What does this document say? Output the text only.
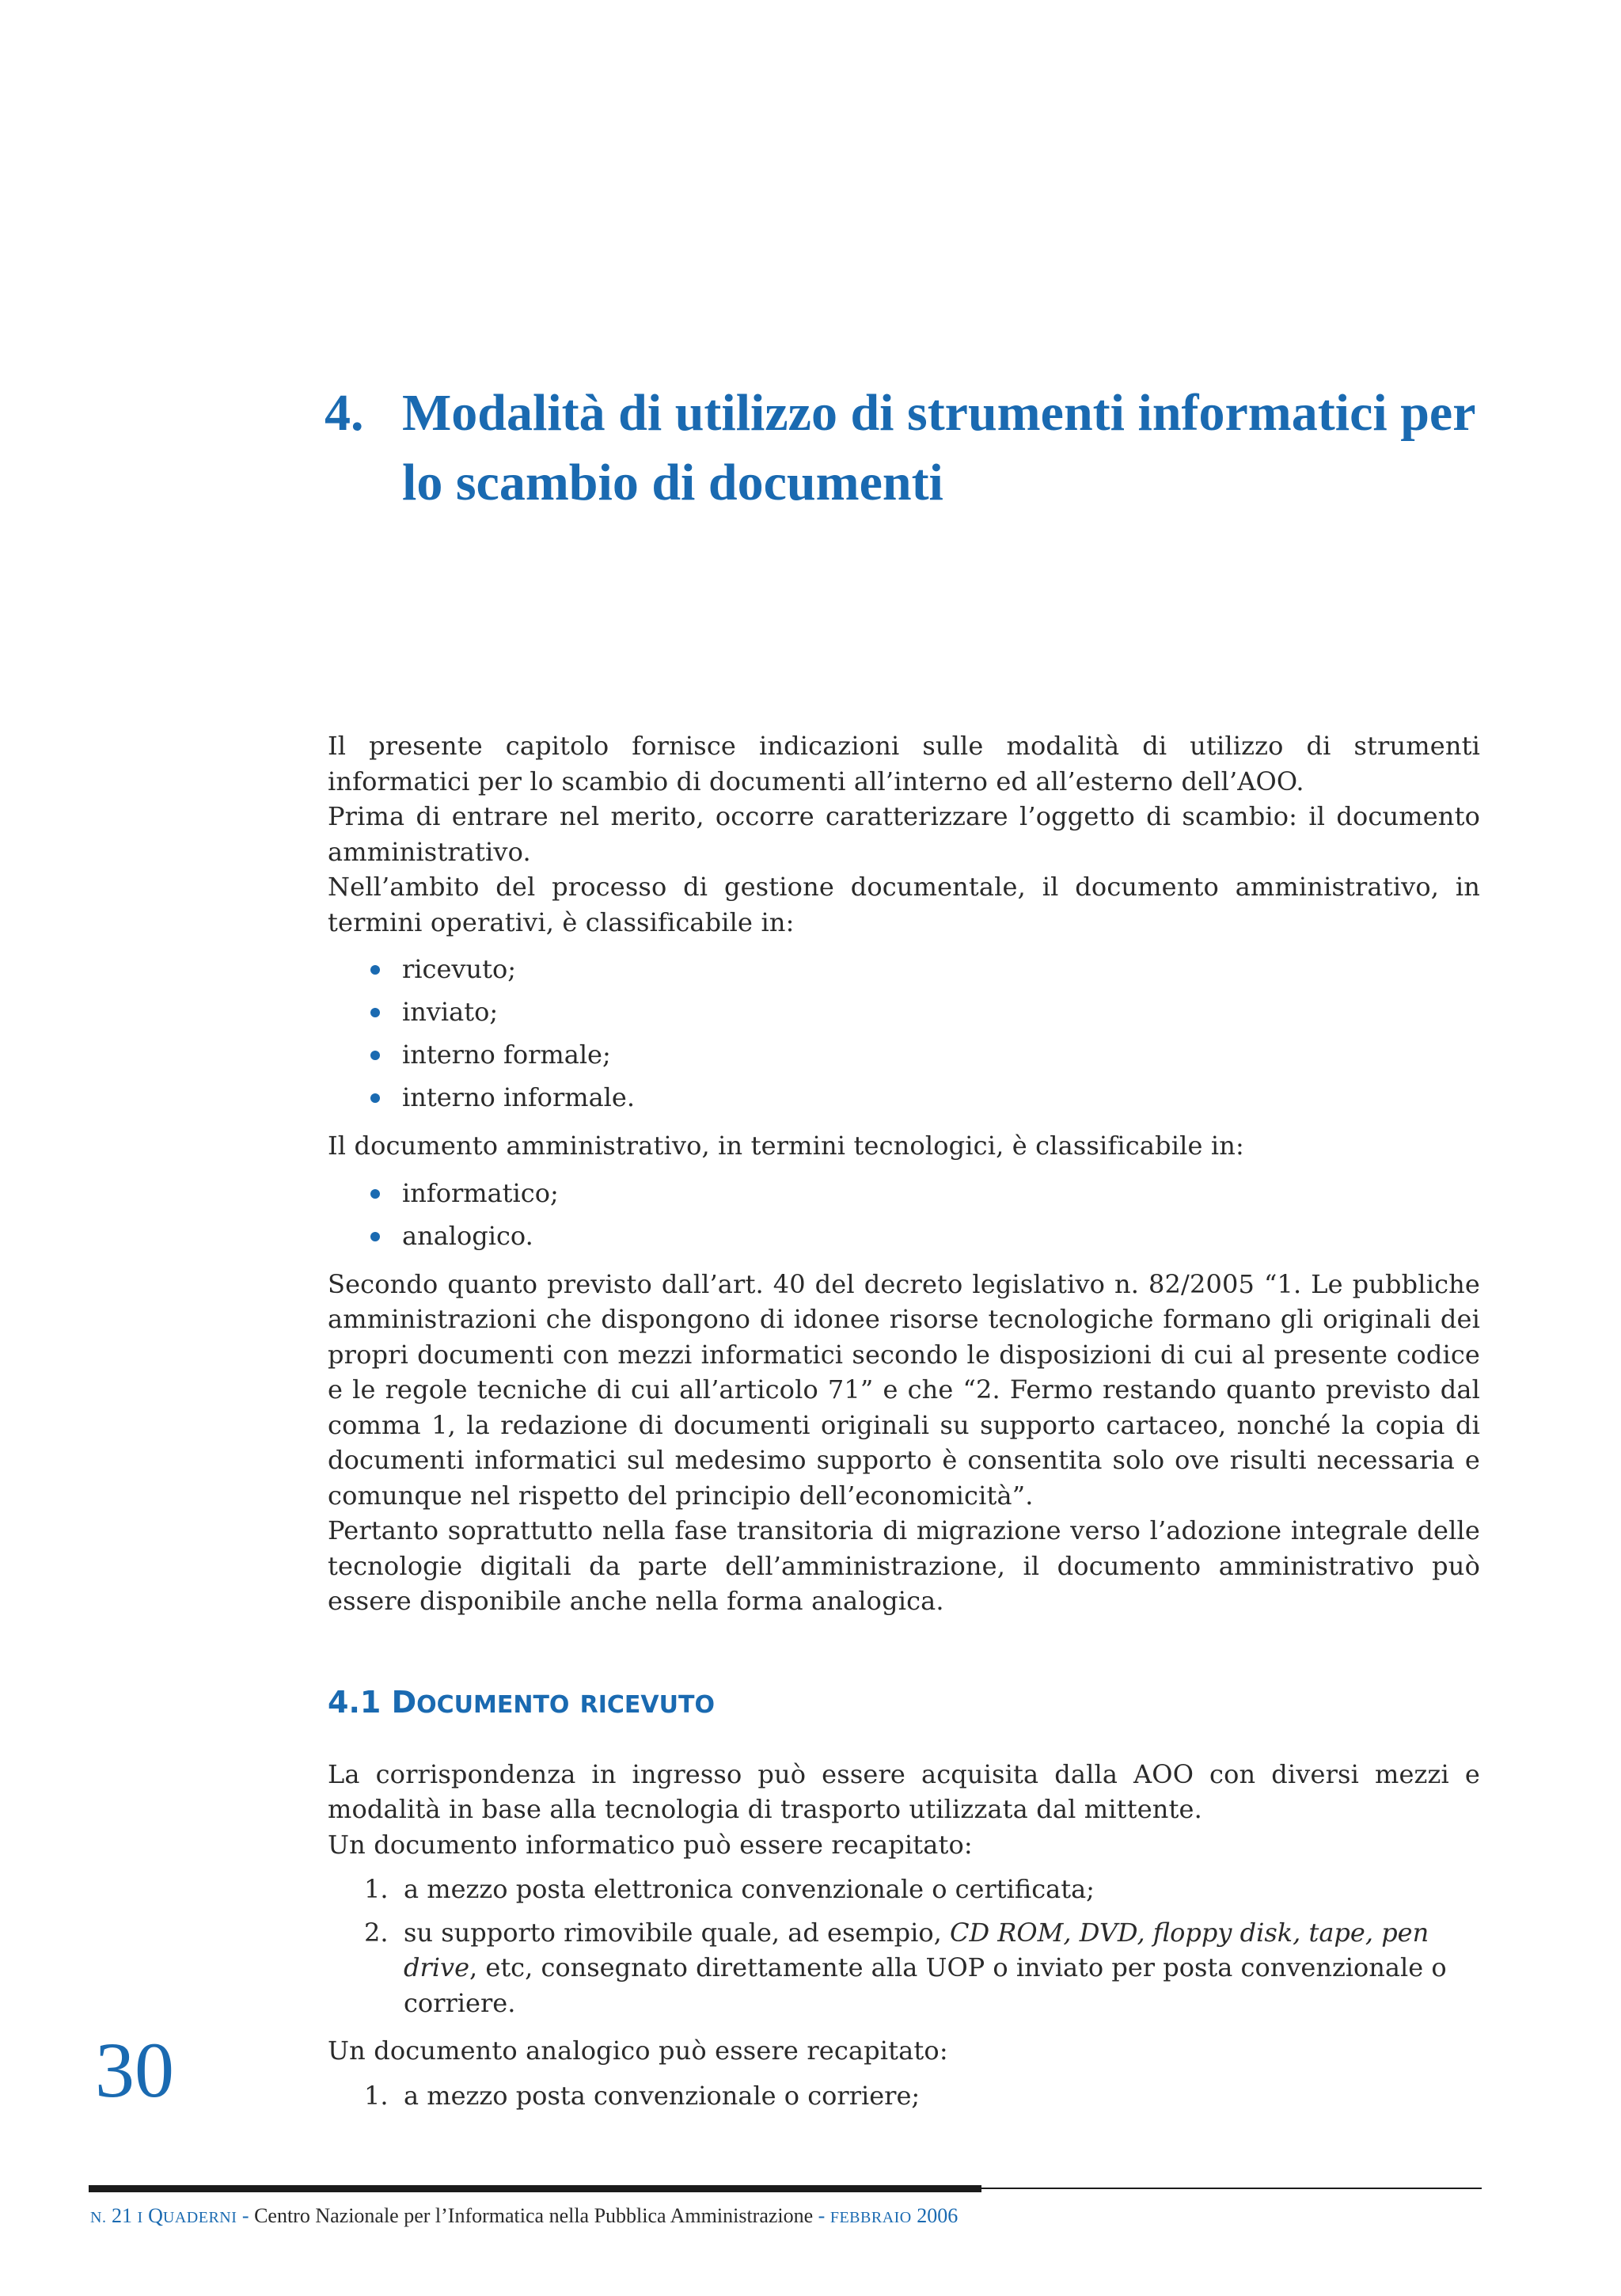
4. Modalità di utilizzo di strumenti informatici per lo scambio di documenti

Il presente capitolo fornisce indicazioni sulle modalità di utilizzo di strumenti informatici per lo scambio di documenti all’interno ed all’esterno dell’AOO.

Prima di entrare nel merito, occorre caratterizzare l’oggetto di scambio: il documento amministrativo.

Nell’ambito del processo di gestione documentale, il documento amministrativo, in termini operativi, è classificabile in:

ricevuto;
inviato;
interno formale;
interno informale.

Il documento amministrativo, in termini tecnologici, è classificabile in:

informatico;
analogico.

Secondo quanto previsto dall’art. 40 del decreto legislativo n. 82/2005 “1. Le pubbliche amministrazioni che dispongono di idonee risorse tecnologiche formano gli originali dei propri documenti con mezzi informatici secondo le disposizioni di cui al presente codice e le regole tecniche di cui all’articolo 71” e che “2. Fermo restando quanto previsto dal comma 1, la redazione di documenti originali su supporto cartaceo, nonché la copia di documenti informatici sul medesimo supporto è consentita solo ove risulti necessaria e comunque nel rispetto del principio dell’economicità”.

Pertanto soprattutto nella fase transitoria di migrazione verso l’adozione integrale delle tecnologie digitali da parte dell’amministrazione, il documento amministrativo può essere disponibile anche nella forma analogica.

4.1 DOCUMENTO RICEVUTO

La corrispondenza in ingresso può essere acquisita dalla AOO con diversi mezzi e modalità in base alla tecnologia di trasporto utilizzata dal mittente.

Un documento informatico può essere recapitato:

1. a mezzo posta elettronica convenzionale o certificata;
2. su supporto rimovibile quale, ad esempio, CD ROM, DVD, floppy disk, tape, pen drive, etc, consegnato direttamente alla UOP o inviato per posta convenzionale o corriere.

Un documento analogico può essere recapitato:

1. a mezzo posta convenzionale o corriere;
30
N. 21 I QUADERNI - Centro Nazionale per l’Informatica nella Pubblica Amministrazione - FEBBRAIO 2006
